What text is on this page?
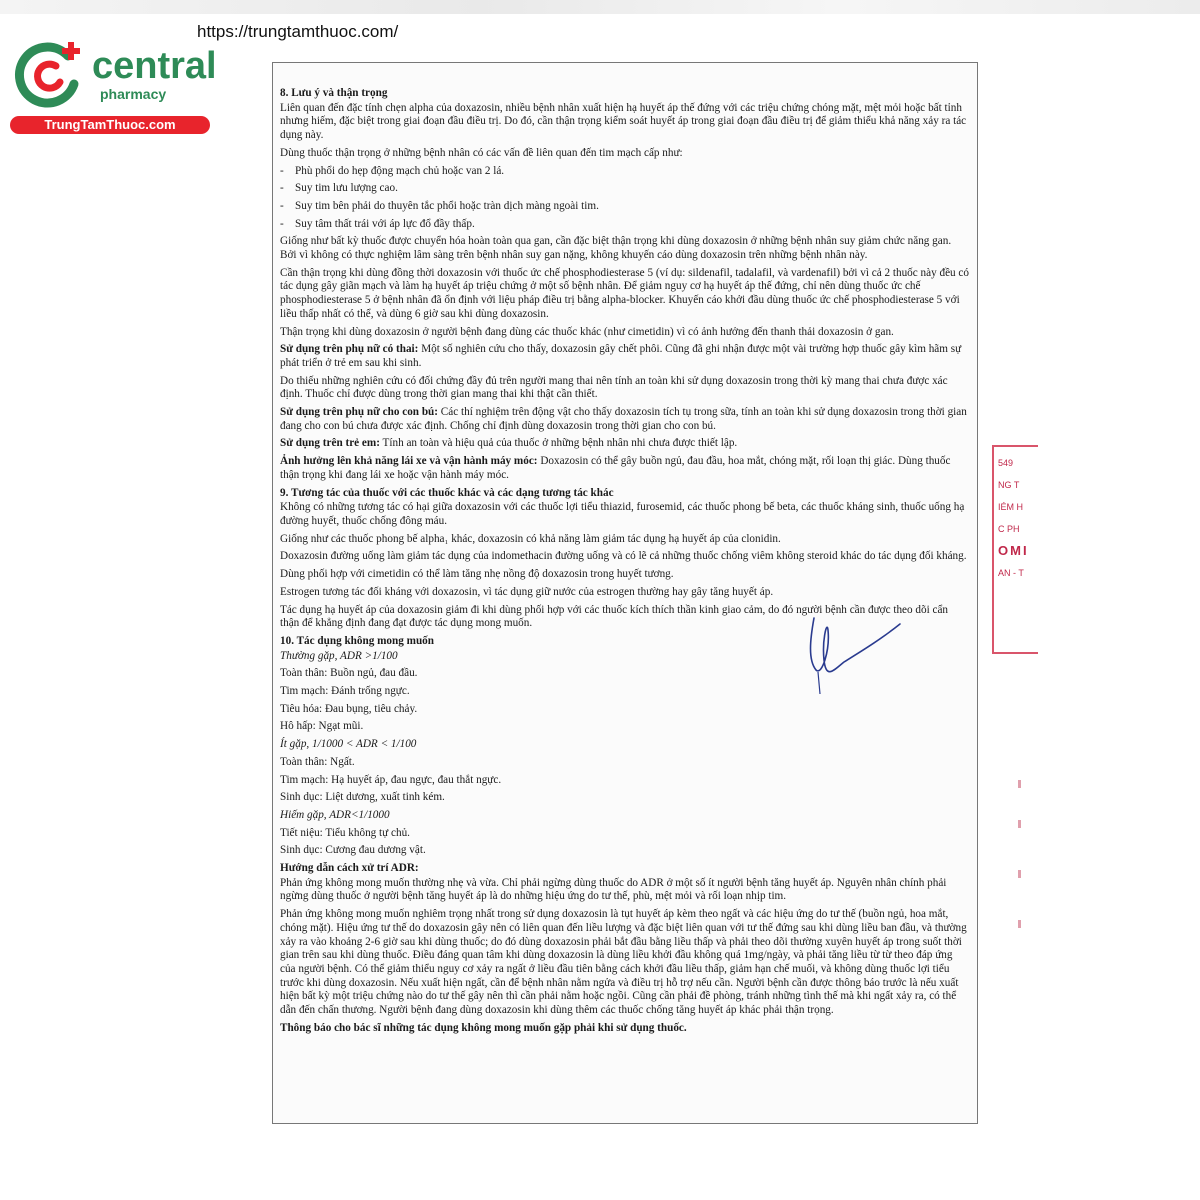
https://trungtamthuoc.com/
central
pharmacy
TrungTamThuoc.com

8. Lưu ý và thận trọng

Liên quan đến đặc tính chẹn alpha của doxazosin, nhiều bệnh nhân xuất hiện hạ huyết áp thế đứng với các triệu chứng chóng mặt, mệt mỏi hoặc bất tỉnh nhưng hiếm, đặc biệt trong giai đoạn đầu điều trị. Do đó, cần thận trọng kiểm soát huyết áp trong giai đoạn đầu điều trị để giảm thiểu khả năng xảy ra tác dụng này.

Dùng thuốc thận trọng ở những bệnh nhân có các vấn đề liên quan đến tim mạch cấp như:

- Phù phổi do hẹp động mạch chủ hoặc van 2 lá.

- Suy tim lưu lượng cao.

- Suy tim bên phải do thuyên tắc phổi hoặc tràn dịch màng ngoài tim.

- Suy tâm thất trái với áp lực đổ đầy thấp.

Giống như bất kỳ thuốc được chuyển hóa hoàn toàn qua gan, cần đặc biệt thận trọng khi dùng doxazosin ở những bệnh nhân suy giảm chức năng gan. Bởi vì không có thực nghiệm lâm sàng trên bệnh nhân suy gan nặng, không khuyến cáo dùng doxazosin trên những bệnh nhân này.

Cần thận trọng khi dùng đồng thời doxazosin với thuốc ức chế phosphodiesterase 5 (ví dụ: sildenafil, tadalafil, và vardenafil) bởi vì cả 2 thuốc này đều có tác dụng gây giãn mạch và làm hạ huyết áp triệu chứng ở một số bệnh nhân. Để giảm nguy cơ hạ huyết áp thế đứng, chỉ nên dùng thuốc ức chế phosphodiesterase 5 ở bệnh nhân đã ổn định với liệu pháp điều trị bằng alpha-blocker. Khuyến cáo khởi đầu dùng thuốc ức chế phosphodiesterase 5 với liều thấp nhất có thể, và dùng 6 giờ sau khi dùng doxazosin.

Thận trọng khi dùng doxazosin ở người bệnh đang dùng các thuốc khác (như cimetidin) vì có ảnh hưởng đến thanh thải doxazosin ở gan.

Sử dụng trên phụ nữ có thai: Một số nghiên cứu cho thấy, doxazosin gây chết phôi. Cũng đã ghi nhận được một vài trường hợp thuốc gây kìm hãm sự phát triển ở trẻ em sau khi sinh.

Do thiếu những nghiên cứu có đối chứng đầy đủ trên người mang thai nên tính an toàn khi sử dụng doxazosin trong thời kỳ mang thai chưa được xác định. Thuốc chỉ được dùng trong thời gian mang thai khi thật cần thiết.

Sử dụng trên phụ nữ cho con bú: Các thí nghiệm trên động vật cho thấy doxazosin tích tụ trong sữa, tính an toàn khi sử dụng doxazosin trong thời gian đang cho con bú chưa được xác định. Chống chỉ định dùng doxazosin trong thời gian cho con bú.

Sử dụng trên trẻ em: Tính an toàn và hiệu quả của thuốc ở những bệnh nhân nhi chưa được thiết lập.

Ảnh hưởng lên khả năng lái xe và vận hành máy móc: Doxazosin có thể gây buồn ngủ, đau đầu, hoa mắt, chóng mặt, rối loạn thị giác. Dùng thuốc thận trọng khi đang lái xe hoặc vận hành máy móc.

9. Tương tác của thuốc với các thuốc khác và các dạng tương tác khác

Không có những tương tác có hại giữa doxazosin với các thuốc lợi tiểu thiazid, furosemid, các thuốc phong bế beta, các thuốc kháng sinh, thuốc uống hạ đường huyết, thuốc chống đông máu.

Giống như các thuốc phong bế alpha₁ khác, doxazosin có khả năng làm giảm tác dụng hạ huyết áp của clonidin.

Doxazosin đường uống làm giảm tác dụng của indomethacin đường uống và có lẽ cả những thuốc chống viêm không steroid khác do tác dụng đối kháng.

Dùng phối hợp với cimetidin có thể làm tăng nhẹ nồng độ doxazosin trong huyết tương.

Estrogen tương tác đối kháng với doxazosin, vì tác dụng giữ nước của estrogen thường hay gây tăng huyết áp.

Tác dụng hạ huyết áp của doxazosin giảm đi khi dùng phối hợp với các thuốc kích thích thần kinh giao cảm, do đó người bệnh cần được theo dõi cẩn thận để khẳng định đang đạt được tác dụng mong muốn.

10. Tác dụng không mong muốn

Thường gặp, ADR >1/100

Toàn thân: Buồn ngủ, đau đầu.

Tim mạch: Đánh trống ngực.

Tiêu hóa: Đau bụng, tiêu chảy.

Hô hấp: Ngạt mũi.

Ít gặp, 1/1000 < ADR < 1/100

Toàn thân: Ngất.

Tim mạch: Hạ huyết áp, đau ngực, đau thắt ngực.

Sinh dục: Liệt dương, xuất tinh kém.

Hiếm gặp, ADR<1/1000

Tiết niệu: Tiểu không tự chủ.

Sinh dục: Cương đau dương vật.

Hướng dẫn cách xử trí ADR:

Phản ứng không mong muốn thường nhẹ và vừa. Chỉ phải ngừng dùng thuốc do ADR ở một số ít người bệnh tăng huyết áp. Nguyên nhân chính phải ngừng dùng thuốc ở người bệnh tăng huyết áp là do những hiệu ứng do tư thế, phù, mệt mỏi và rối loạn nhịp tim.

Phản ứng không mong muốn nghiêm trọng nhất trong sử dụng doxazosin là tụt huyết áp kèm theo ngất và các hiệu ứng do tư thế (buồn ngủ, hoa mắt, chóng mặt). Hiệu ứng tư thế do doxazosin gây nên có liên quan đến liều lượng và đặc biệt liên quan với tư thế đứng sau khi dùng liều ban đầu, và thường xảy ra vào khoảng 2-6 giờ sau khi dùng thuốc; do đó dùng doxazosin phải bắt đầu bằng liều thấp và phải theo dõi thường xuyên huyết áp trong suốt thời gian trên sau khi dùng thuốc. Điều đáng quan tâm khi dùng doxazosin là dùng liều khởi đầu không quá 1mg/ngày, và phải tăng liều từ từ theo đáp ứng của người bệnh. Có thể giảm thiểu nguy cơ xảy ra ngất ở liều đầu tiên bằng cách khởi đầu liều thấp, giảm hạn chế muối, và không dùng thuốc lợi tiểu trước khi dùng doxazosin. Nếu xuất hiện ngất, cần để bệnh nhân nằm ngửa và điều trị hỗ trợ nếu cần. Người bệnh cần được thông báo trước là nếu xuất hiện bất kỳ một triệu chứng nào do tư thế gây nên thì cần phải nằm hoặc ngồi. Cũng cần phải đề phòng, tránh những tình thế mà khi ngất xảy ra, có thể dẫn đến chấn thương. Người bệnh đang dùng doxazosin khi dùng thêm các thuốc chống tăng huyết áp khác phải thận trọng.

Thông báo cho bác sĩ những tác dụng không mong muốn gặp phải khi sử dụng thuốc.

549
NG T
IÉM H
C PH
OMI
AN - T
